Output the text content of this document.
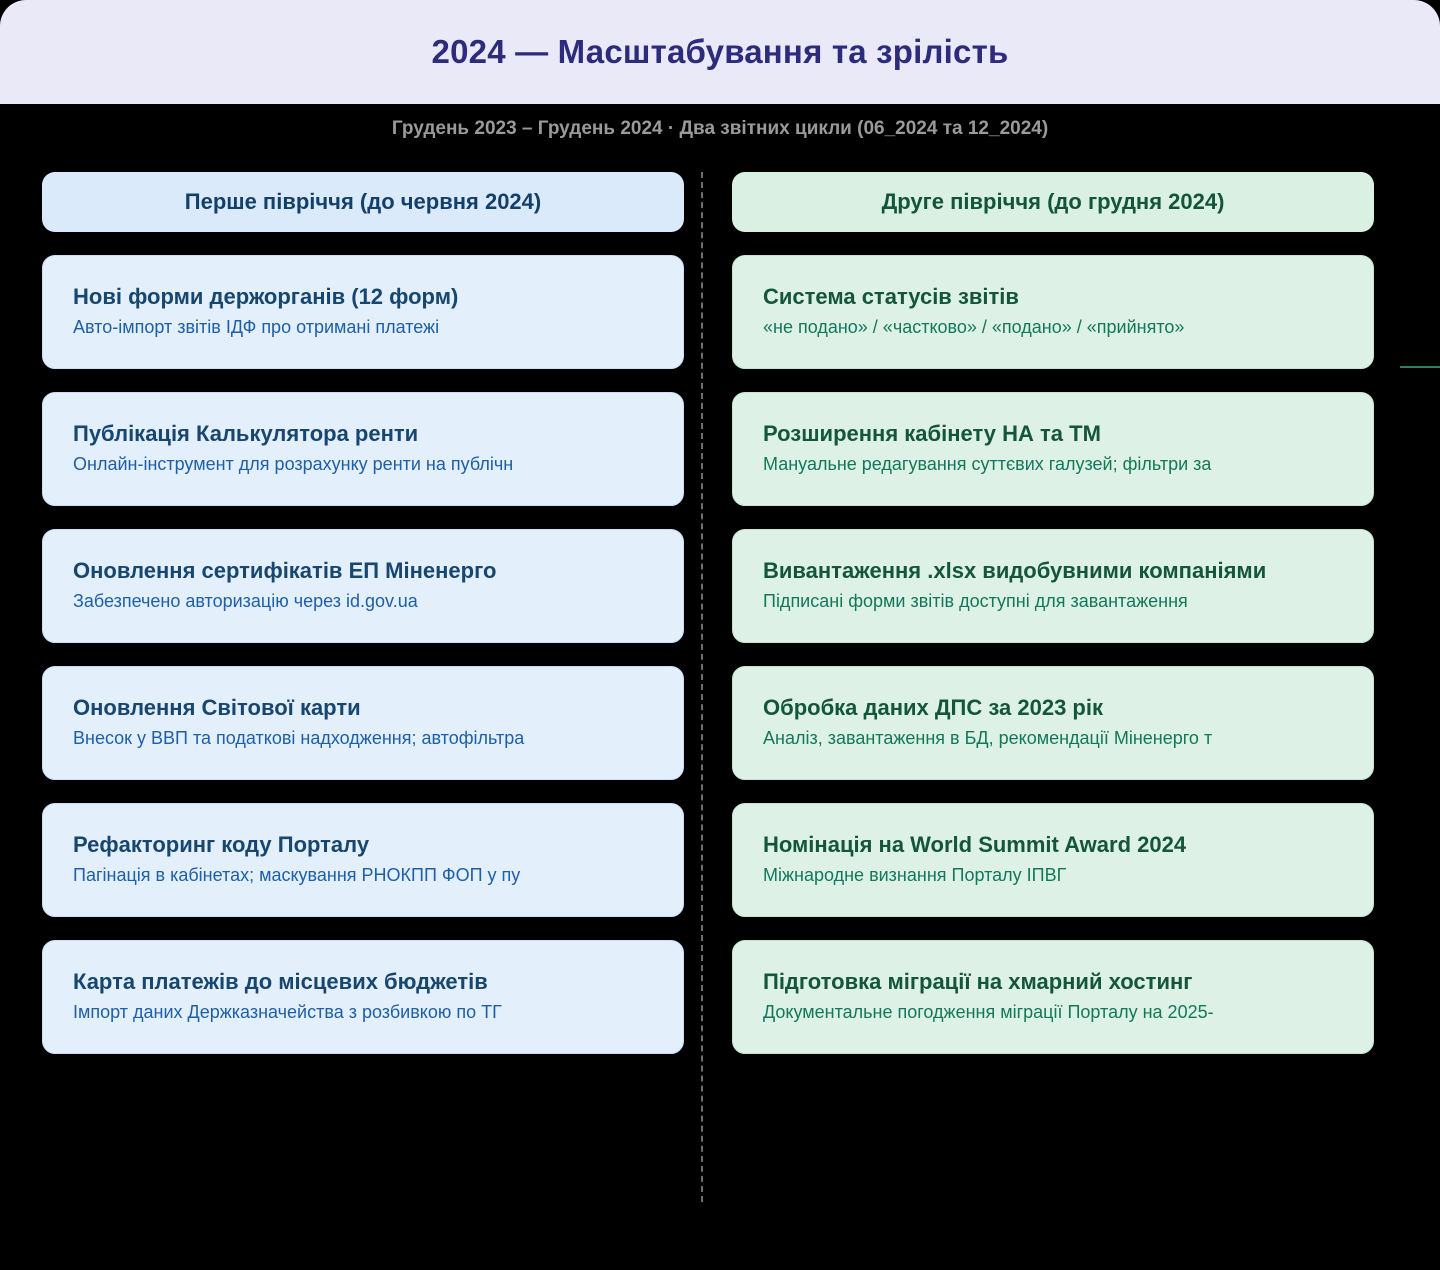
2024 — Масштабування та зрілість
Грудень 2023 – Грудень 2024 · Два звітних цикли (06_2024 та 12_2024)
Перше півріччя (до червня 2024)
Нові форми держорганів (12 форм)
Авто-імпорт звітів ІДФ про отримані платежі
Публікація Калькулятора ренти
Онлайн-інструмент для розрахунку ренти на публічн
Оновлення сертифікатів ЕП Міненерго
Забезпечено авторизацію через id.gov.ua
Оновлення Світової карти
Внесок у ВВП та податкові надходження; автофільтра
Рефакторинг коду Порталу
Пагінація в кабінетах; маскування РНОКПП ФОП у пу
Карта платежів до місцевих бюджетів
Імпорт даних Держказначейства з розбивкою по ТГ
Друге півріччя (до грудня 2024)
Система статусів звітів
«не подано» / «частково» / «подано» / «прийнято»
Розширення кабінету НА та ТМ
Мануальне редагування суттєвих галузей; фільтри за
Вивантаження .xlsx видобувними компаніями
Підписані форми звітів доступні для завантаження
Обробка даних ДПС за 2023 рік
Аналіз, завантаження в БД, рекомендації Міненерго т
Номінація на World Summit Award 2024
Міжнародне визнання Порталу ІПВГ
Підготовка міграції на хмарний хостинг
Документальне погодження міграції Порталу на 2025-
